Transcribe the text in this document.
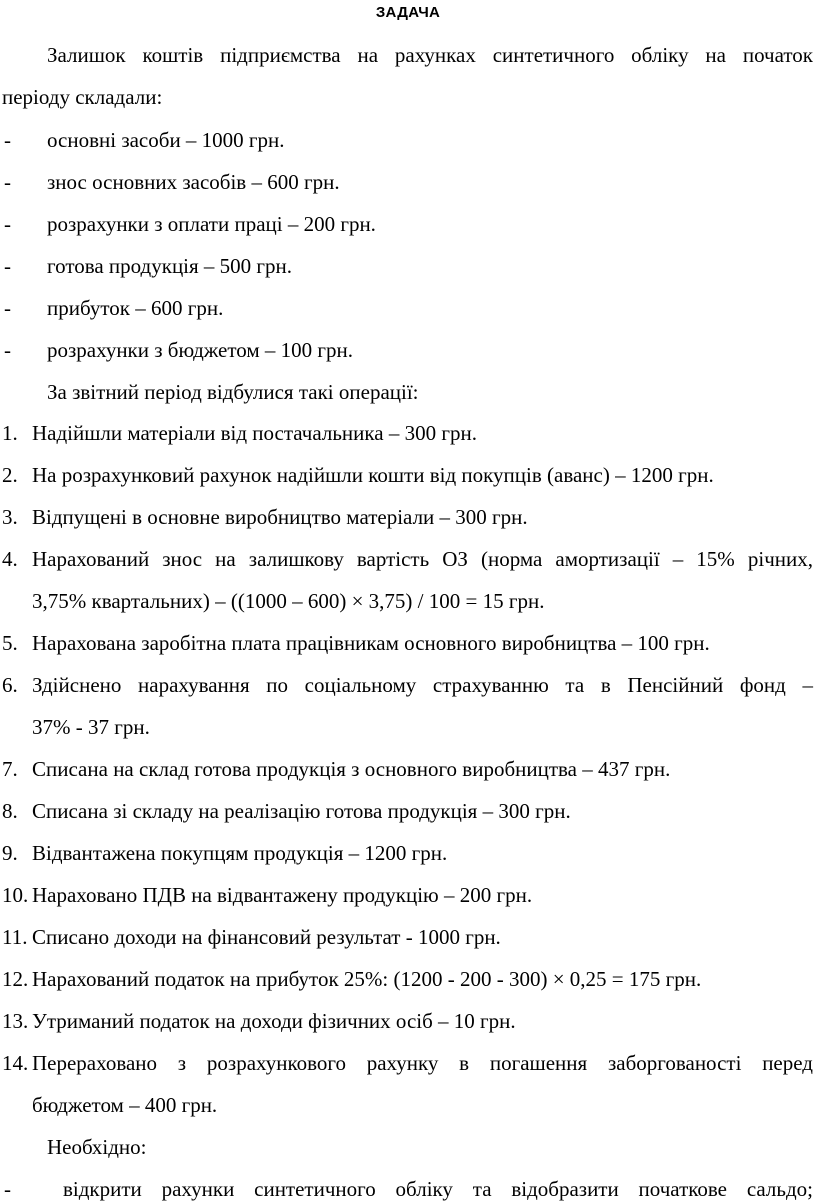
ЗАДАЧА
Залишок коштів підприємства на рахунках синтетичного обліку на початок
періоду складали:
- основні засоби – 1000 грн.
- знос основних засобів – 600 грн.
- розрахунки з оплати праці – 200 грн.
- готова продукція – 500 грн.
- прибуток – 600 грн.
- розрахунки з бюджетом – 100 грн.
За звітний період відбулися такі операції:
1. Надійшли матеріали від постачальника – 300 грн.
2. На розрахунковий рахунок надійшли кошти від покупців (аванс) – 1200 грн.
3. Відпущені в основне виробництво матеріали – 300 грн.
4. Нарахований знос на залишкову вартість ОЗ (норма амортизації – 15% річних,
3,75% квартальних) – ((1000 – 600) × 3,75) / 100 = 15 грн.
5. Нарахована заробітна плата працівникам основного виробництва – 100 грн.
6. Здійснено нарахування по соціальному страхуванню та в Пенсійний фонд –
37% - 37 грн.
7. Списана на склад готова продукція з основного виробництва – 437 грн.
8. Списана зі складу на реалізацію готова продукція – 300 грн.
9. Відвантажена покупцям продукція – 1200 грн.
10. Нараховано ПДВ на відвантажену продукцію – 200 грн.
11. Списано доходи на фінансовий результат - 1000 грн.
12. Нарахований податок на прибуток 25%: (1200 - 200 - 300) × 0,25 = 175 грн.
13. Утриманий податок на доходи фізичних осіб – 10 грн.
14. Перераховано з розрахункового рахунку в погашення заборгованості перед
бюджетом – 400 грн.
Необхідно:
- відкрити рахунки синтетичного обліку та відобразити початкове сальдо;
